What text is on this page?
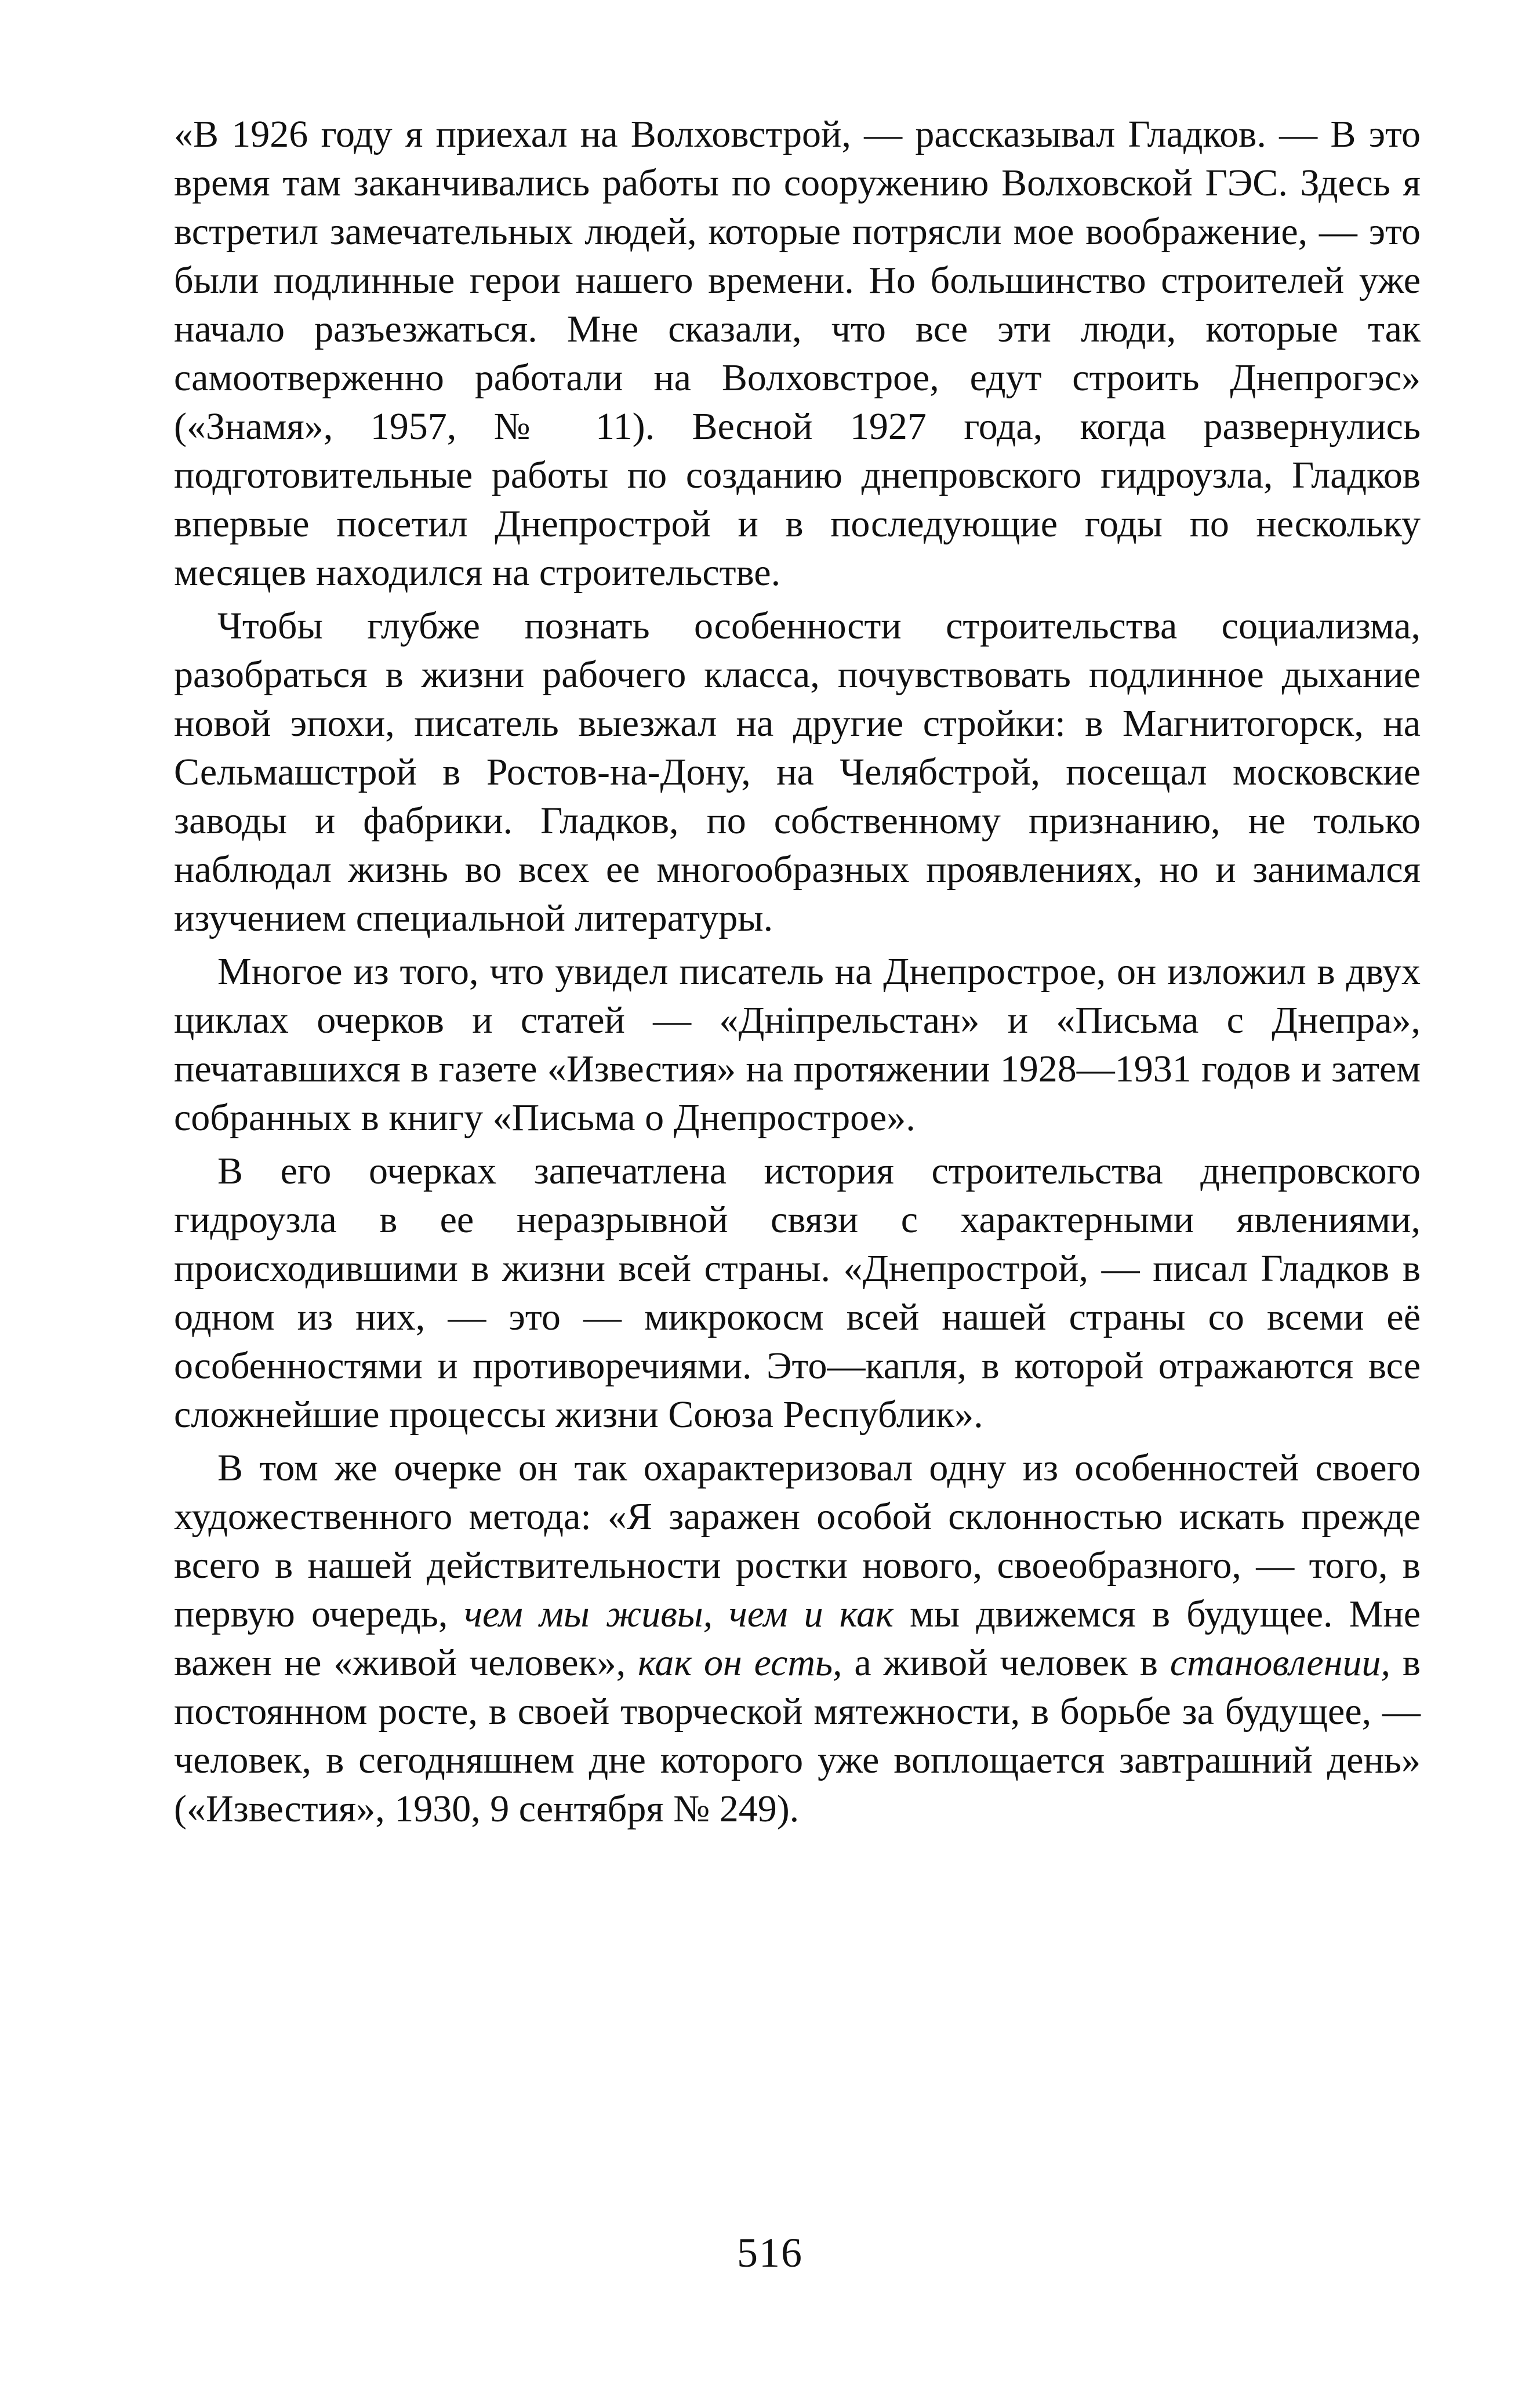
«В 1926 году я приехал на Волховстрой, — рассказывал Гладков. — В это время там заканчивались работы по сооружению Волховской ГЭС. Здесь я встретил замечательных людей, которые потрясли мое воображение, — это были подлинные герои нашего времени. Но большинство строителей уже начало разъезжаться. Мне сказали, что все эти люди, которые так самоотверженно работали на Волховстрое, едут строить Днепрогэс» («Знамя», 1957, № 11). Весной 1927 года, когда развернулись подготовительные работы по созданию днепровского гидроузла, Гладков впервые посетил Днепрострой и в последующие годы по нескольку месяцев находился на строительстве.

Чтобы глубже познать особенности строительства социализма, разобраться в жизни рабочего класса, почувствовать подлинное дыхание новой эпохи, писатель выезжал на другие стройки: в Магнитогорск, на Сельмашстрой в Ростов-на-Дону, на Челябстрой, посещал московские заводы и фабрики. Гладков, по собственному признанию, не только наблюдал жизнь во всех ее многообразных проявлениях, но и занимался изучением специальной литературы.

Многое из того, что увидел писатель на Днепрострое, он изложил в двух циклах очерков и статей — «Дніпрельстан» и «Письма с Днепра», печатавшихся в газете «Известия» на протяжении 1928—1931 годов и затем собранных в книгу «Письма о Днепрострое».

В его очерках запечатлена история строительства днепровского гидроузла в ее неразрывной связи с характерными явлениями, происходившими в жизни всей страны. «Днепрострой, — писал Гладков в одном из них, — это — микрокосм всей нашей страны со всеми её особенностями и противоречиями. Это—капля, в которой отражаются все сложнейшие процессы жизни Союза Республик».

В том же очерке он так охарактеризовал одну из особенностей своего художественного метода: «Я заражен особой склонностью искать прежде всего в нашей действительности ростки нового, своеобразного, — того, в первую очередь, чем мы живы, чем и как мы движемся в будущее. Мне важен не «живой человек», как он есть, а живой человек в становлении, в постоянном росте, в своей творческой мятежности, в борьбе за будущее, — человек, в сегодняшнем дне которого уже воплощается завтрашний день» («Известия», 1930, 9 сентября № 249).

516
